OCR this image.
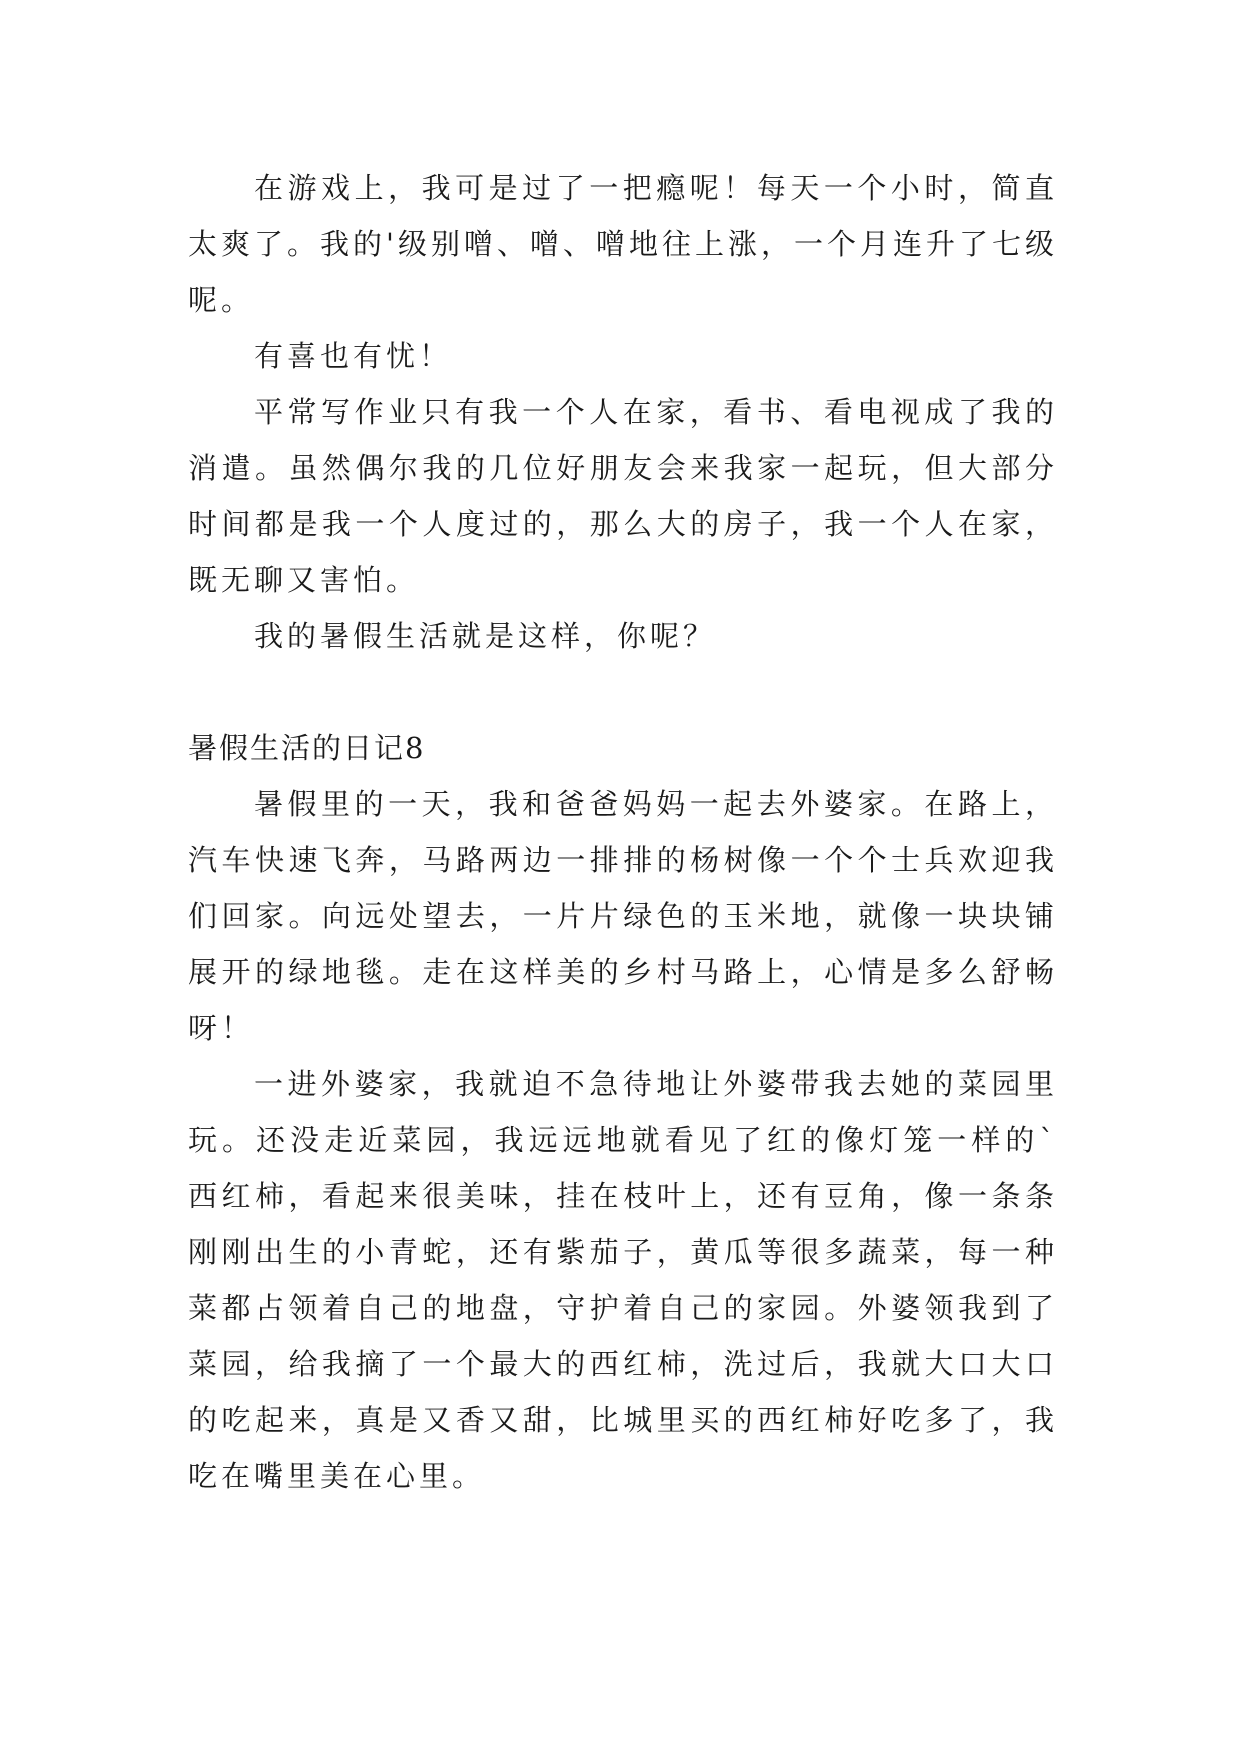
在游戏上，我可是过了一把瘾呢！每天一个小时，简直太爽了。我的'级别噌、噌、噌地往上涨，一个月连升了七级呢。

有喜也有忧！

平常写作业只有我一个人在家，看书、看电视成了我的消遣。虽然偶尔我的几位好朋友会来我家一起玩，但大部分时间都是我一个人度过的，那么大的房子，我一个人在家，既无聊又害怕。

我的暑假生活就是这样，你呢？

暑假生活的日记8

暑假里的一天，我和爸爸妈妈一起去外婆家。在路上，汽车快速飞奔，马路两边一排排的杨树像一个个士兵欢迎我们回家。向远处望去，一片片绿色的玉米地，就像一块块铺展开的绿地毯。走在这样美的乡村马路上，心情是多么舒畅呀！

一进外婆家，我就迫不急待地让外婆带我去她的菜园里玩。还没走近菜园，我远远地就看见了红的像灯笼一样的`西红柿，看起来很美味，挂在枝叶上，还有豆角，像一条条刚刚出生的小青蛇，还有紫茄子，黄瓜等很多蔬菜，每一种菜都占领着自己的地盘，守护着自己的家园。外婆领我到了菜园，给我摘了一个最大的西红柿，洗过后，我就大口大口的吃起来，真是又香又甜，比城里买的西红柿好吃多了，我吃在嘴里美在心里。
